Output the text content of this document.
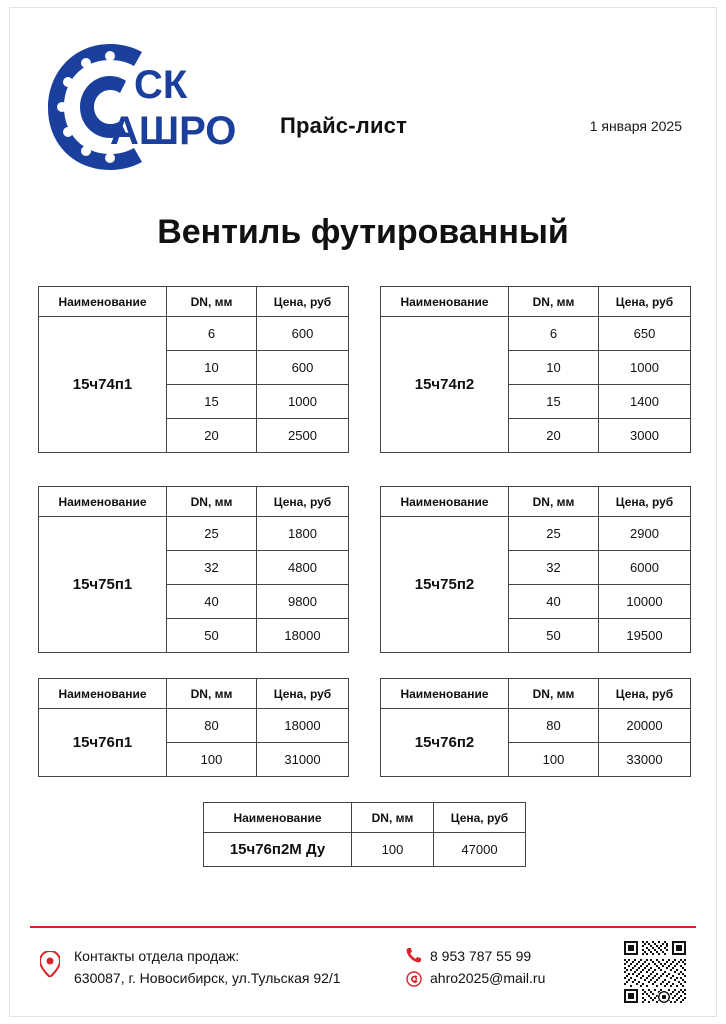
СК
АШРО Прайс-лист	1 января 2025
Вентиль футированный
Наименование	DN, мм	Цена, руб
15ч74п1	6	600
	10	600
	15	1000
	20	2500
Наименование	DN, мм	Цена, руб
15ч74п2	6	650
	10	1000
	15	1400
	20	3000
Наименование	DN, мм	Цена, руб
15ч75п1	25	1800
	32	4800
	40	9800
	50	18000
Наименование	DN, мм	Цена, руб
15ч75п2	25	2900
	32	6000
	40	10000
	50	19500
Наименование	DN, мм	Цена, руб
15ч76п1	80	18000
	100	31000
Наименование	DN, мм	Цена, руб
15ч76п2	80	20000
	100	33000
Наименование	DN, мм	Цена, руб
15ч76п2М Ду	100	47000
Контакты отдела продаж:
630087, г. Новосибирск, ул.Тульская 92/1
8 953 787 55 99
ahro2025@mail.ru
